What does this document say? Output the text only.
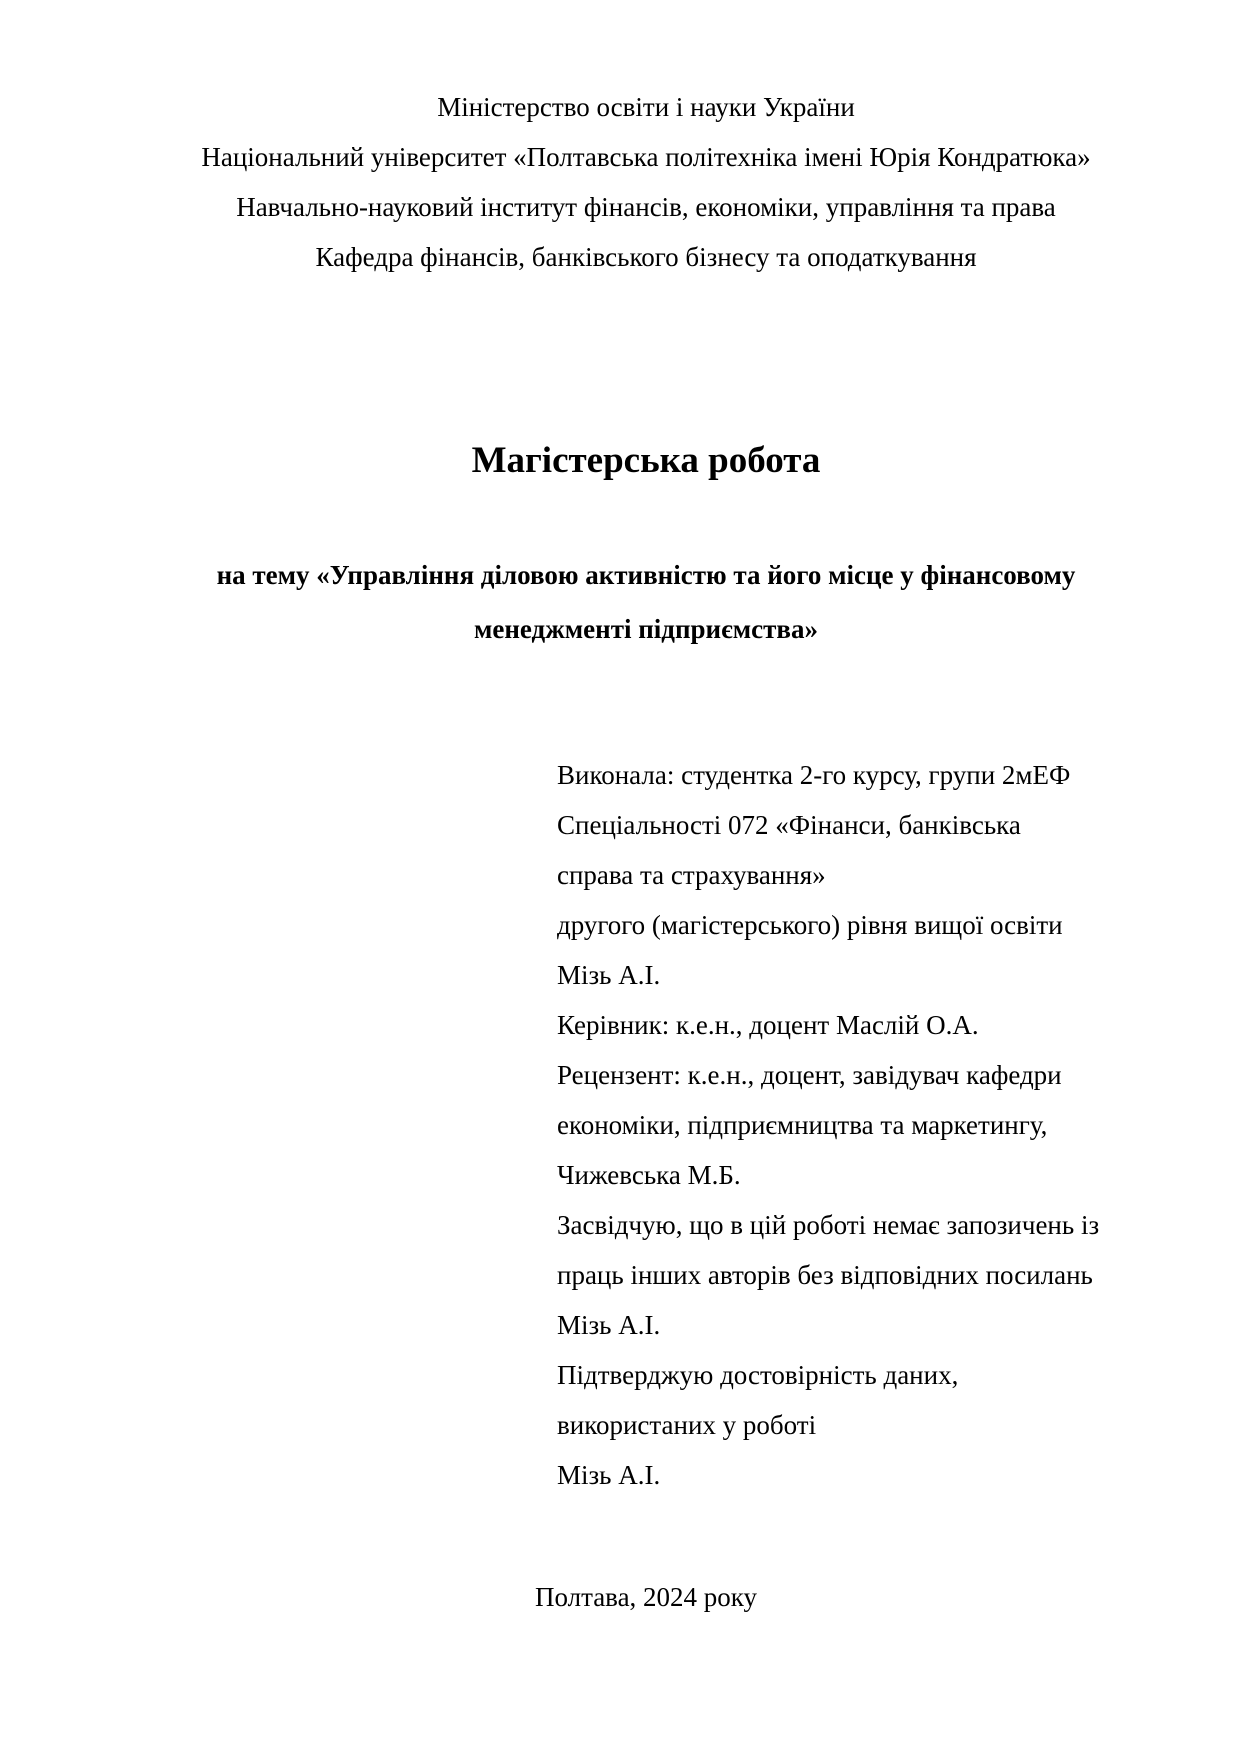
Міністерство освіти і науки України
Національний університет «Полтавська політехніка імені Юрія Кондратюка»
Навчально-науковий інститут фінансів, економіки, управління та права
Кафедра фінансів, банківського бізнесу та оподаткування
Магістерська робота
на тему «Управління діловою активністю та його місце у фінансовому
менеджменті підприємства»
Виконала: студентка 2-го курсу, групи 2мЕФ
Спеціальності 072 «Фінанси, банківська
справа та страхування»
другого (магістерського) рівня вищої освіти
Мізь А.І.
Керівник: к.е.н., доцент Маслій О.А.
Рецензент: к.е.н., доцент, завідувач кафедри
економіки, підприємництва та маркетингу,
Чижевська М.Б.
Засвідчую, що в цій роботі немає запозичень із
праць інших авторів без відповідних посилань
Мізь А.І.
Підтверджую достовірність даних,
використаних у роботі
Мізь А.І.
Полтава, 2024 року
